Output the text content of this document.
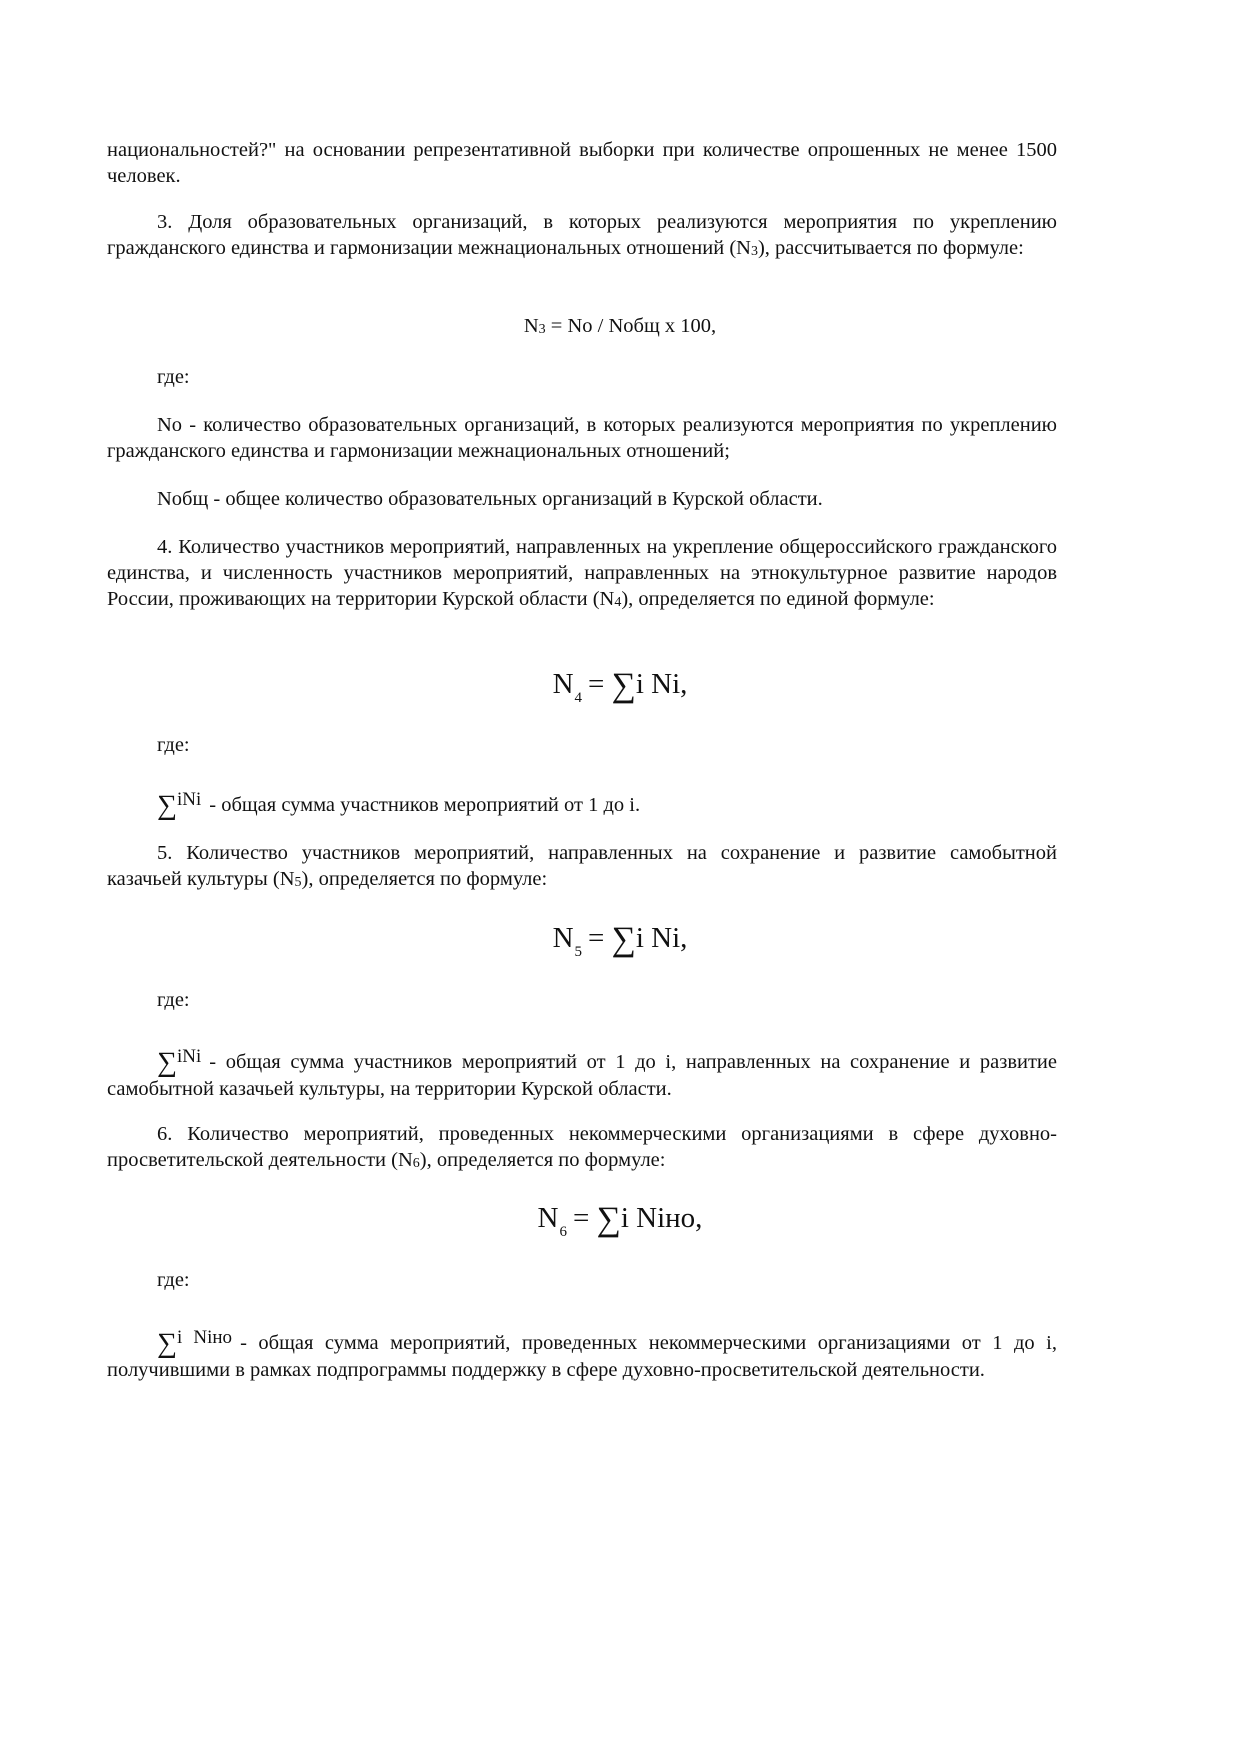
национальностей?" на основании репрезентативной выборки при количестве опрошенных не менее 1500 человек.
3. Доля образовательных организаций, в которых реализуются мероприятия по укреплению гражданского единства и гармонизации межнациональных отношений (N3), рассчитывается по формуле:
N3 = No / Nобщ x 100,
где:
No - количество образовательных организаций, в которых реализуются мероприятия по укреплению гражданского единства и гармонизации межнациональных отношений;
Nобщ - общее количество образовательных организаций в Курской области.
4. Количество участников мероприятий, направленных на укрепление общероссийского гражданского единства, и численность участников мероприятий, направленных на этнокультурное развитие народов России, проживающих на территории Курской области (N4), определяется по единой формуле:
$N_4 = \sum i$ Ni,
где:
∑iNi - общая сумма участников мероприятий от 1 до i.
5. Количество участников мероприятий, направленных на сохранение и развитие самобытной казачьей культуры (N5), определяется по формуле:
$N_5 = \sum i$ Ni,
где:
∑iNi - общая сумма участников мероприятий от 1 до i, направленных на сохранение и развитие самобытной казачьей культуры, на территории Курской области.
6. Количество мероприятий, проведенных некоммерческими организациями в сфере духовно-просветительской деятельности (N6), определяется по формуле:
$N_6 = \sum i$ Niно,
где:
∑i Niно - общая сумма мероприятий, проведенных некоммерческими организациями от 1 до i, получившими в рамках подпрограммы поддержку в сфере духовно-просветительской деятельности.
